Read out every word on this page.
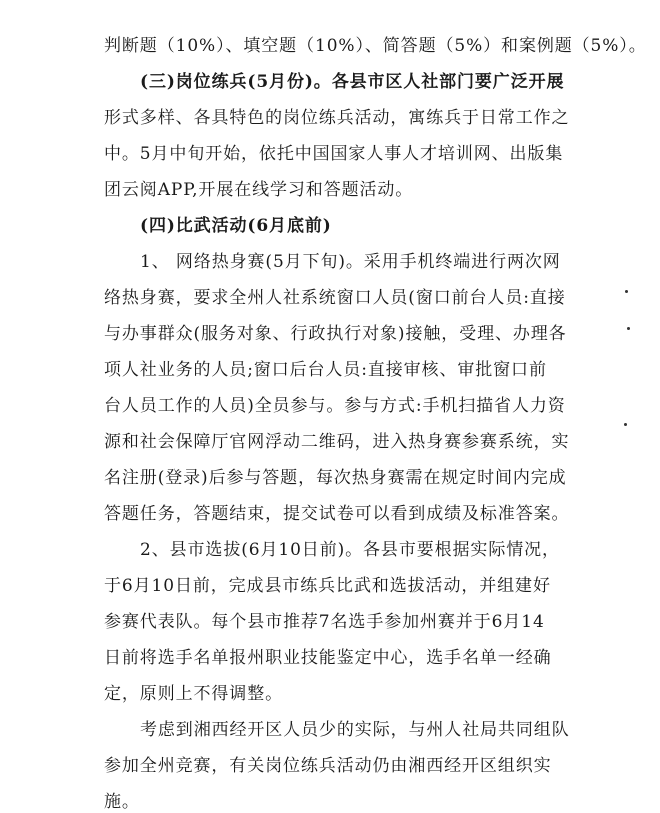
判断题（10%）、填空题（10%）、简答题（5%）和案例题（5%）。
(三)岗位练兵(5月份)。各县市区人社部门要广泛开展
形式多样、各具特色的岗位练兵活动，寓练兵于日常工作之
中。5月中旬开始，依托中国国家人事人才培训网、出版集
团云阅APP,开展在线学习和答题活动。
(四)比武活动(6月底前)
1、 网络热身赛(5月下旬)。采用手机终端进行两次网
络热身赛，要求全州人社系统窗口人员(窗口前台人员:直接
与办事群众(服务对象、行政执行对象)接触，受理、办理各
项人社业务的人员;窗口后台人员:直接审核、审批窗口前
台人员工作的人员)全员参与。参与方式:手机扫描省人力资
源和社会保障厅官网浮动二维码，进入热身赛参赛系统，实
名注册(登录)后参与答题，每次热身赛需在规定时间内完成
答题任务，答题结束，提交试卷可以看到成绩及标准答案。
2、县市选拔(6月10日前)。各县市要根据实际情况，
于6月10日前，完成县市练兵比武和选拔活动，并组建好
参赛代表队。每个县市推荐7名选手参加州赛并于6月14
日前将选手名单报州职业技能鉴定中心，选手名单一经确
定，原则上不得调整。
考虑到湘西经开区人员少的实际，与州人社局共同组队
参加全州竞赛，有关岗位练兵活动仍由湘西经开区组织实
施。
